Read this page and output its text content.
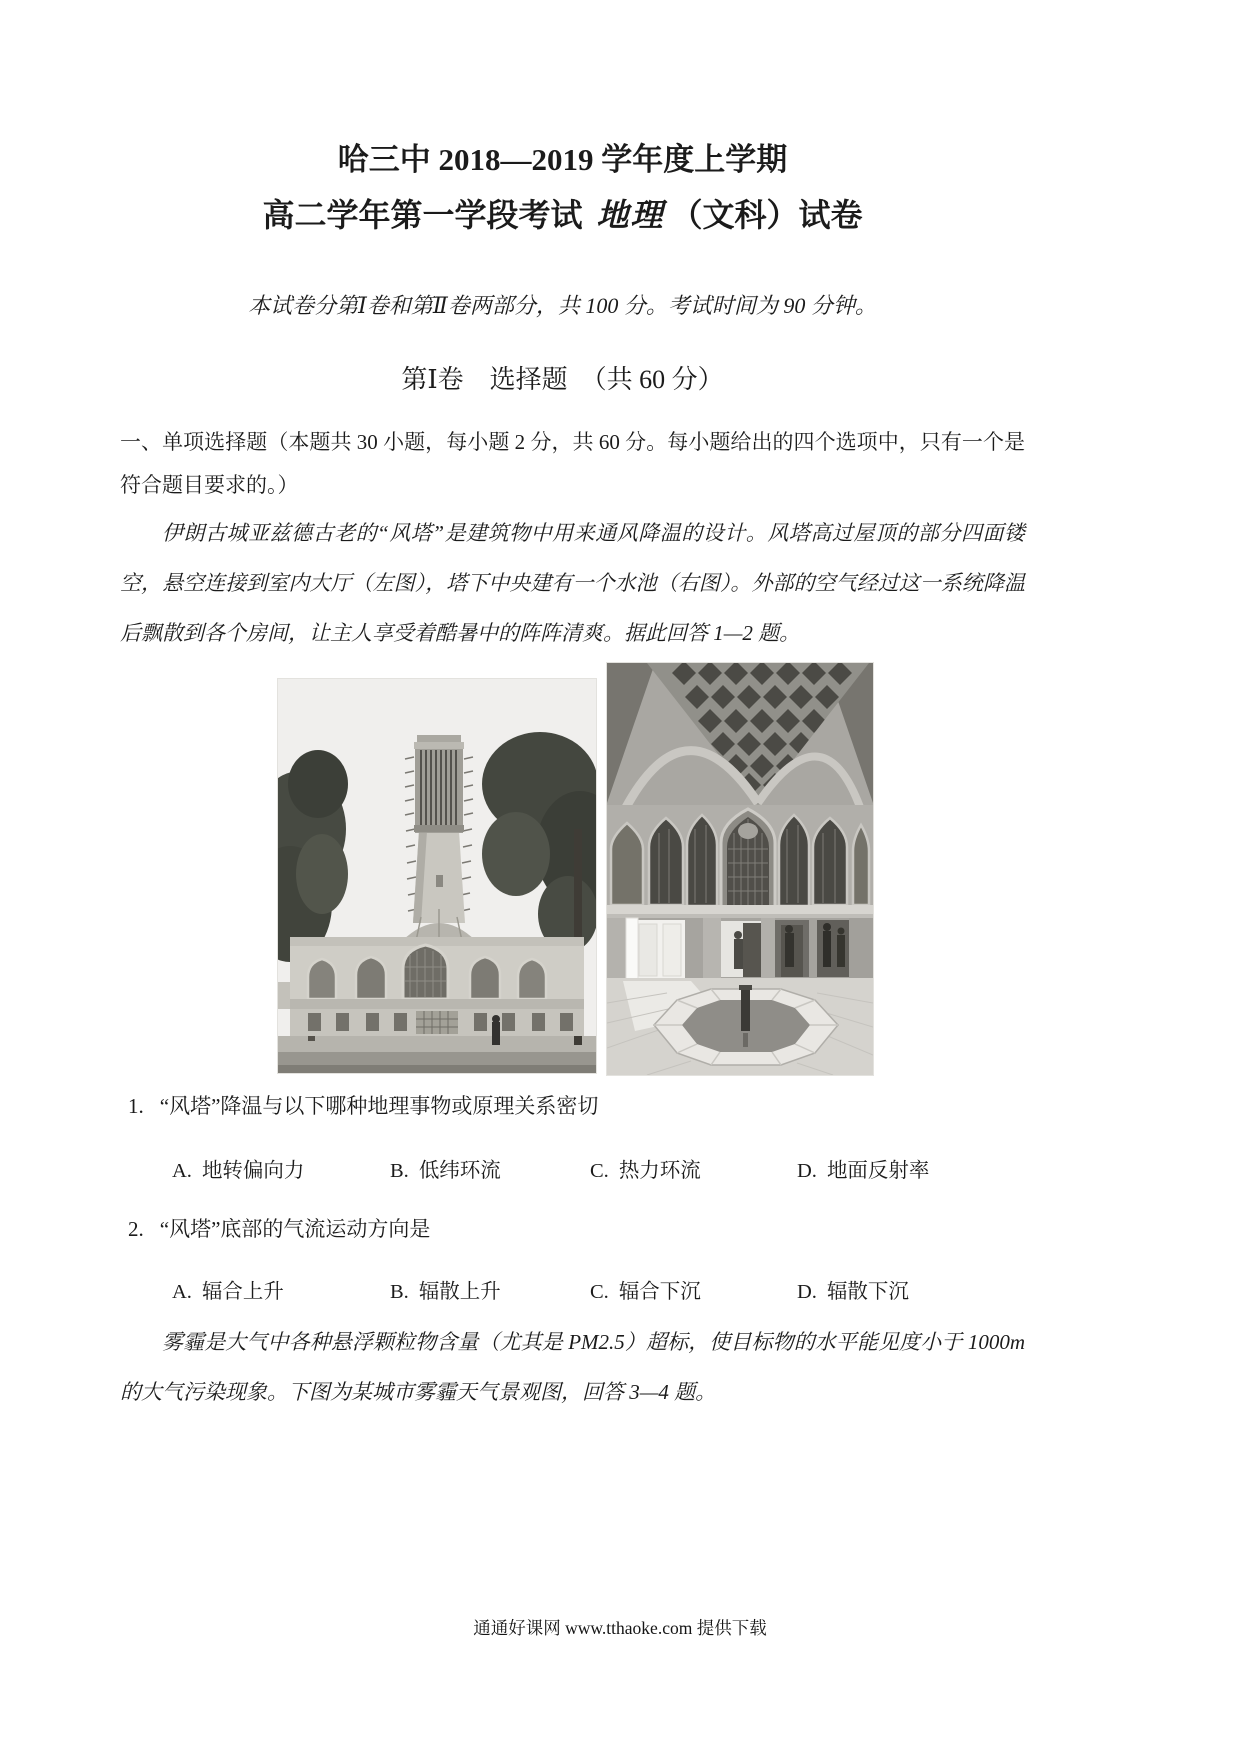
哈三中 2018—2019 学年度上学期
高二学年第一学段考试 地理 （文科）试卷

本试卷分第Ⅰ卷和第Ⅱ卷两部分，共 100 分。考试时间为 90 分钟。

第Ⅰ卷　选择题　（共 60 分）

一、单项选择题（本题共 30 小题，每小题 2 分，共 60 分。每小题给出的四个选项中，只有一个是符合题目要求的。）

伊朗古城亚兹德古老的“风塔”是建筑物中用来通风降温的设计。风塔高过屋顶的部分四面镂空，悬空连接到室内大厅（左图），塔下中央建有一个水池（右图）。外部的空气经过这一系统降温后飘散到各个房间，让主人享受着酷暑中的阵阵清爽。据此回答 1—2 题。

1. “风塔”降温与以下哪种地理事物或原理关系密切
A. 地转偏向力	B. 低纬环流	C. 热力环流	D. 地面反射率
2. “风塔”底部的气流运动方向是
A. 辐合上升	B. 辐散上升	C. 辐合下沉	D. 辐散下沉

雾霾是大气中各种悬浮颗粒物含量（尤其是 PM2.5）超标，使目标物的水平能见度小于 1000m 的大气污染现象。下图为某城市雾霾天气景观图，回答 3—4 题。

通通好课网 www.tthaoke.com 提供下载
